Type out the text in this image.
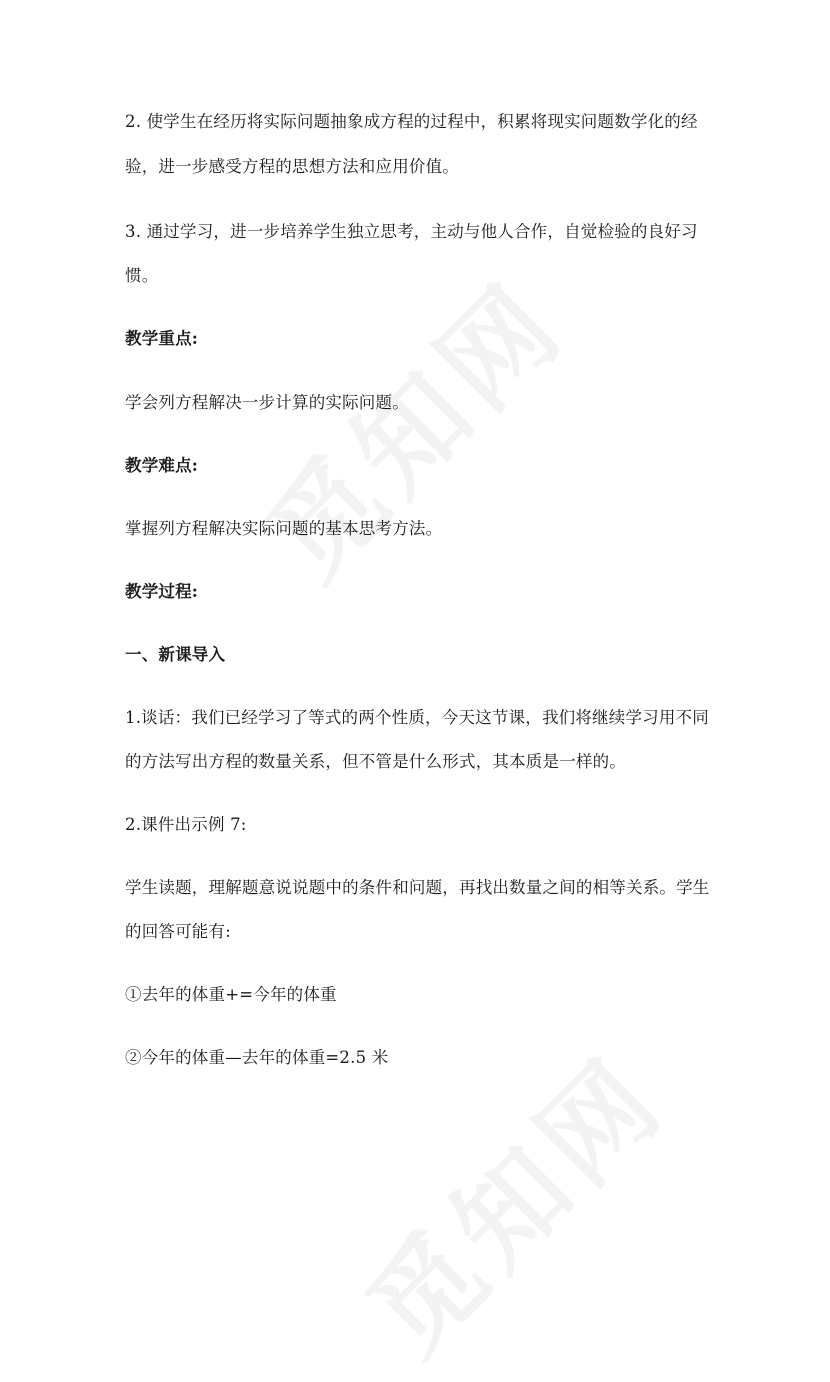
2. 使学生在经历将实际问题抽象成方程的过程中，积累将现实问题数学化的经
验，进一步感受方程的思想方法和应用价值。
3. 通过学习，进一步培养学生独立思考，主动与他人合作，自觉检验的良好习
惯。
教学重点:
学会列方程解决一步计算的实际问题。
教学难点:
掌握列方程解决实际问题的基本思考方法。
教学过程:
一、新课导入
1.谈话：我们已经学习了等式的两个性质，今天这节课，我们将继续学习用不同
的方法写出方程的数量关系，但不管是什么形式，其本质是一样的。
2.课件出示例 7:
学生读题，理解题意说说题中的条件和问题，再找出数量之间的相等关系。学生
的回答可能有:
①去年的体重+=今年的体重
②今年的体重—去年的体重=2.5 米
